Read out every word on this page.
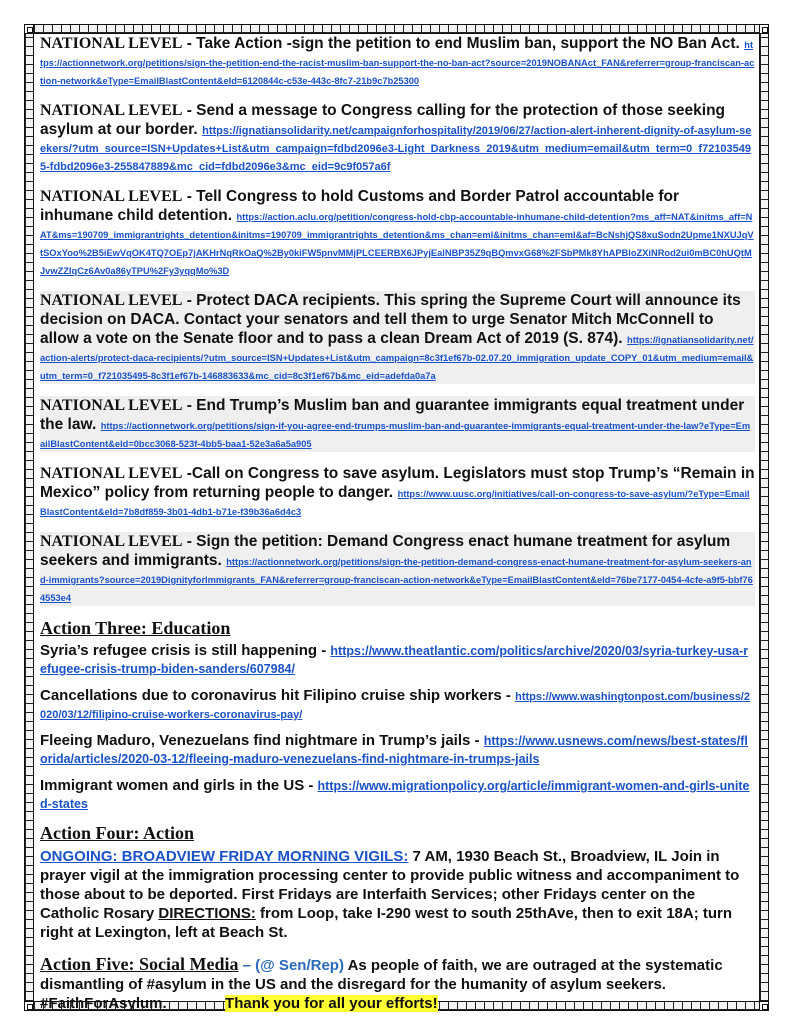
NATIONAL LEVEL - Take Action -sign the petition to end Muslim ban, support the NO Ban Act. https://actionnetwork.org/petitions/sign-the-petition-end-the-racist-muslim-ban-support-the-no-ban-act?source=2019NOBANAct_FAN&referrer=group-franciscan-action-network&eType=EmailBlastContent&eId=6120844c-c53e-443c-8fc7-21b9c7b25300
NATIONAL LEVEL - Send a message to Congress calling for the protection of those seeking asylum at our border. https://ignatiansolidarity.net/campaignforhospitality/2019/06/27/action-alert-inherent-dignity-of-asylum-seekers/?utm_source=ISN+Updates+List&utm_campaign=fdbd2096e3-Light_Darkness_2019&utm_medium=email&utm_term=0_f721035495-fdbd2096e3-255847889&mc_cid=fdbd2096e3&mc_eid=9c9f057a6f
NATIONAL LEVEL - Tell Congress to hold Customs and Border Patrol accountable for inhumane child detention. https://action.aclu.org/petition/congress-hold-cbp-accountable-inhumane-child-detention?ms_aff=NAT&initms_aff=NAT&ms=190709_immigrantrights_detention&initms=190709_immigrantrights_detention&ms_chan=eml&initms_chan=eml&af=BcNshjQS8xuSodn2Upme1NXUJqVtSOxYoo%2B5iEwVqOK4TQ7OEp7jAKHrNqRkOaQ%2By0kiFW5pnvMMjPLCEERBX6JPyjEalNBP35Z9qBQmvxG68%2FSbPMk8YhAPBloZXiNRod2ui0mBC0hUQtMJvwZZIqCz6Av0a86yTPU%2Fy3yqqMo%3D
NATIONAL LEVEL - Protect DACA recipients. This spring the Supreme Court will announce its decision on DACA. Contact your senators and tell them to urge Senator Mitch McConnell to allow a vote on the Senate floor and to pass a clean Dream Act of 2019 (S. 874). https://ignatiansolidarity.net/action-alerts/protect-daca-recipients/?utm_source=ISN+Updates+List&utm_campaign=8c3f1ef67b-02.07.20_immigration_update_COPY_01&utm_medium=email&utm_term=0_f721035495-8c3f1ef67b-146883633&mc_cid=8c3f1ef67b&mc_eid=adefda0a7a
NATIONAL LEVEL - End Trump’s Muslim ban and guarantee immigrants equal treatment under the law. https://actionnetwork.org/petitions/sign-if-you-agree-end-trumps-muslim-ban-and-guarantee-immigrants-equal-treatment-under-the-law?eType=EmailBlastContent&eId=0bcc3068-523f-4bb5-baa1-52e3a6a5a905
NATIONAL LEVEL -Call on Congress to save asylum. Legislators must stop Trump’s “Remain in Mexico” policy from returning people to danger. https://www.uusc.org/initiatives/call-on-congress-to-save-asylum/?eType=EmailBlastContent&eId=7b8df859-3b01-4db1-b71e-f39b36a6d4c3
NATIONAL LEVEL - Sign the petition: Demand Congress enact humane treatment for asylum seekers and immigrants. https://actionnetwork.org/petitions/sign-the-petition-demand-congress-enact-humane-treatment-for-asylum-seekers-and-immigrants?source=2019DignityforImmigrants_FAN&referrer=group-franciscan-action-network&eType=EmailBlastContent&eId=76be7177-0454-4cfe-a9f5-bbf764553e4
Action Three: Education
Syria’s refugee crisis is still happening - https://www.theatlantic.com/politics/archive/2020/03/syria-turkey-usa-refugee-crisis-trump-biden-sanders/607984/
Cancellations due to coronavirus hit Filipino cruise ship workers - https://www.washingtonpost.com/business/2020/03/12/filipino-cruise-workers-coronavirus-pay/
Fleeing Maduro, Venezuelans find nightmare in Trump’s jails - https://www.usnews.com/news/best-states/florida/articles/2020-03-12/fleeing-maduro-venezuelans-find-nightmare-in-trumps-jails
Immigrant women and girls in the US - https://www.migrationpolicy.org/article/immigrant-women-and-girls-united-states
Action Four: Action
ONGOING: BROADVIEW FRIDAY MORNING VIGILS: 7 AM, 1930 Beach St., Broadview, IL Join in prayer vigil at the immigration processing center to provide public witness and accompaniment to those about to be deported. First Fridays are Interfaith Services; other Fridays center on the Catholic Rosary DIRECTIONS: from Loop, take I-290 west to south 25thAve, then to exit 18A; turn right at Lexington, left at Beach St.
Action Five: Social Media – (@ Sen/Rep) As people of faith, we are outraged at the systematic dismantling of #asylum in the US and the disregard for the humanity of asylum seekers. #FaithForAsylum.	Thank you for all your efforts!
